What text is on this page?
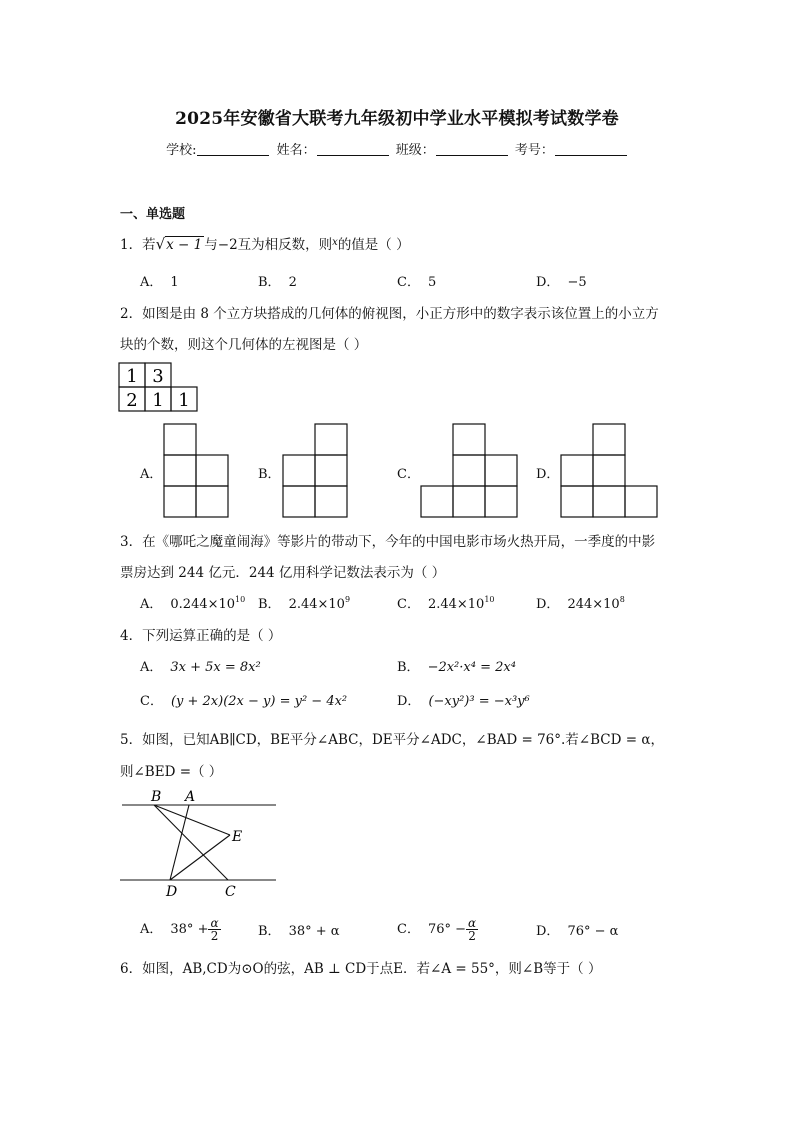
2025年安徽省大联考九年级初中学业水平模拟考试数学卷
学校:	姓名：	班级：	考号：
一、单选题
1．若√x − 1 与−2互为相反数，则$^x$的值是（ ）
A． 1	B． 2	C． 5	D． −5
2．如图是由 8 个立方块搭成的几何体的俯视图，小正方形中的数字表示该位置上的小立方
块的个数，则这个几何体的左视图是（ ）
1 3
2 1 1
A．	B．	C．	D．
3．在《哪吒之魔童闹海》等影片的带动下，今年的中国电影市场火热开局，一季度的中影
票房达到 244 亿元．244 亿用科学记数法表示为（ ）
A． $0.244\times 10^{10}$ B． $2.44\times 10^9$	C． $2.44\times 10^{10}$	D． $244\times 10^8$
4．下列运算正确的是（ ）
A． 3x + 5x = 8x²	B． −2x²·x⁴ = 2x⁴
C． (y + 2x)(2x − y) = y² − 4x²	D． (−xy²)³ = −x³y⁶
5．如图，已知AB∥CD，BE平分∠ABC，DE平分∠ADC，∠BAD = 76°.若∠BCD = α，
则∠BED =（ ）
B A
E
D	C
A． $38^\circ + \frac{\alpha}{2}$	B． 38° + α	C． $76^\circ - \frac{\alpha}{2}$	D． 76° − α
6．如图，AB,CD为⊙O的弦，AB ⊥ CD于点E．若∠A = 55°，则∠B等于（ ）
